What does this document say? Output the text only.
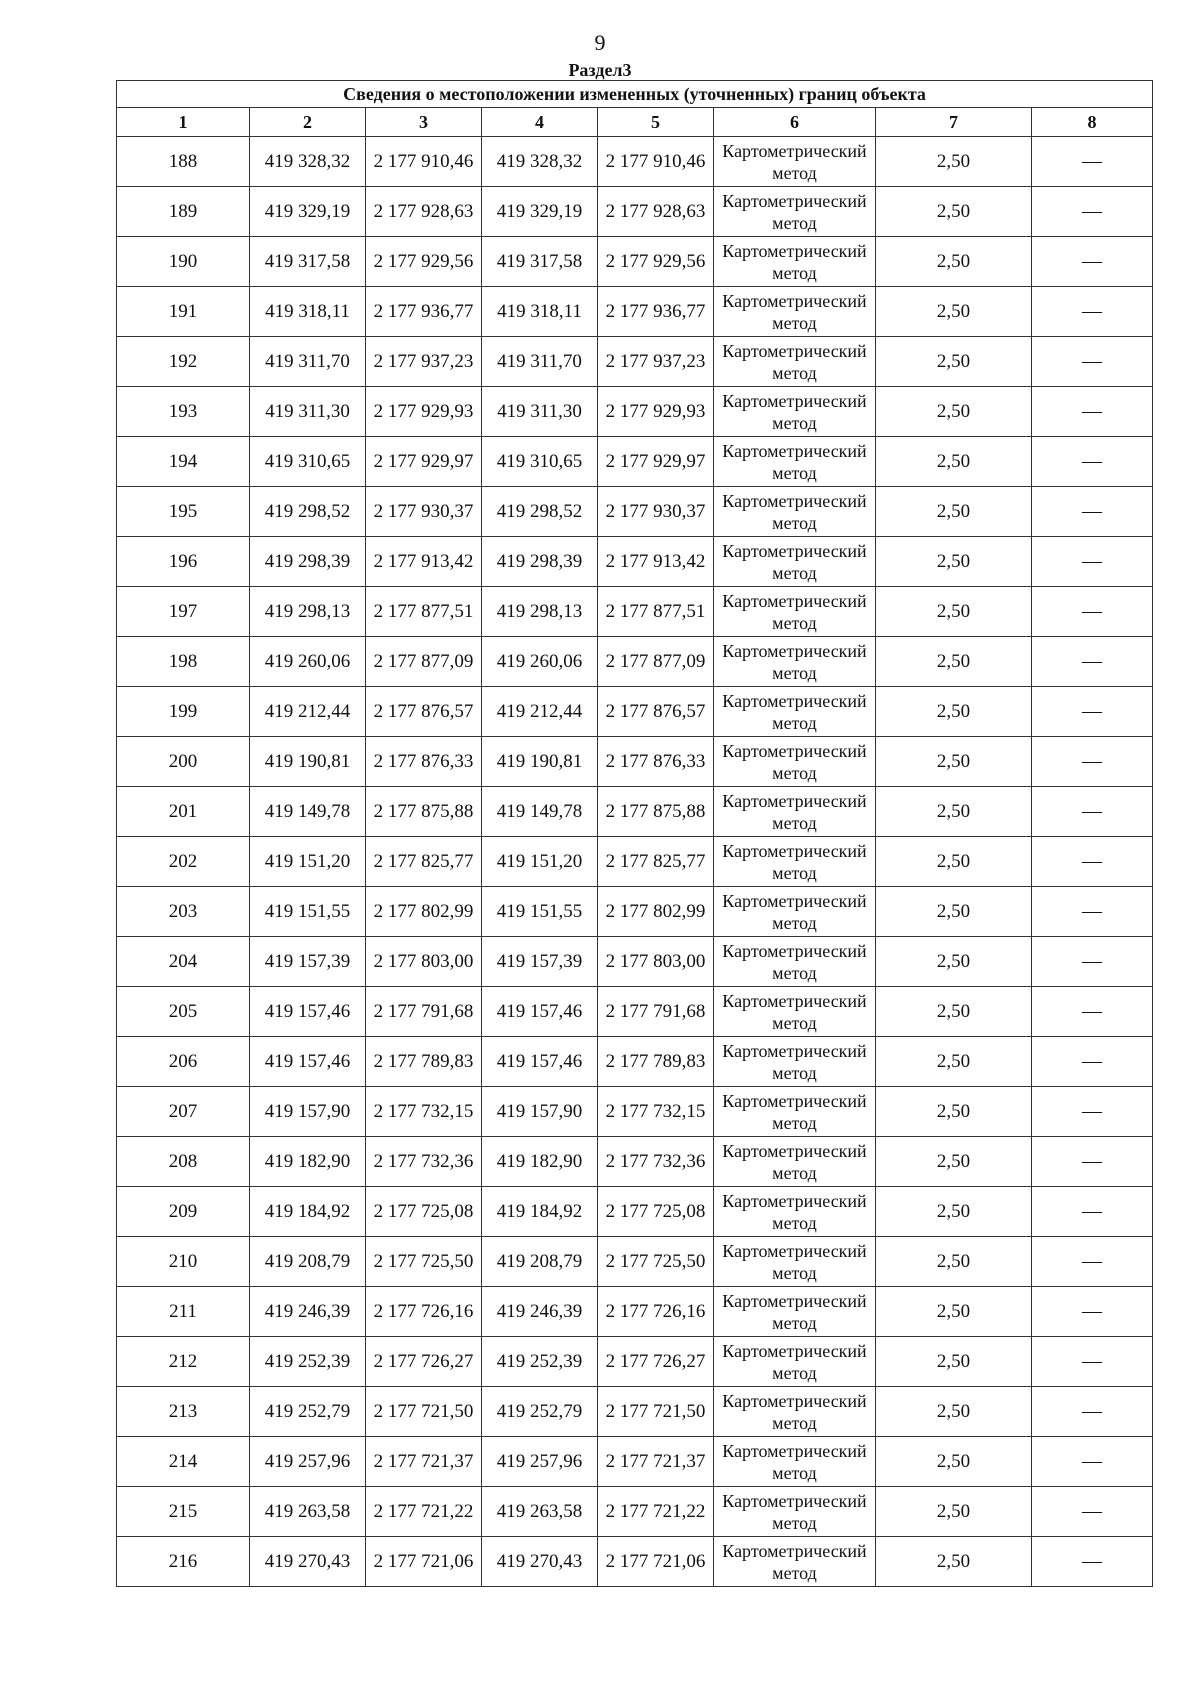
9
Раздел3
Сведения о местоположении измененных (уточненных) границ объекта							
1	2	3	4	5	6	7	8
188	419 328,32	2 177 910,46	419 328,32	2 177 910,46	Картометрический метод	2,50	—
189	419 329,19	2 177 928,63	419 329,19	2 177 928,63	Картометрический метод	2,50	—
190	419 317,58	2 177 929,56	419 317,58	2 177 929,56	Картометрический метод	2,50	—
191	419 318,11	2 177 936,77	419 318,11	2 177 936,77	Картометрический метод	2,50	—
192	419 311,70	2 177 937,23	419 311,70	2 177 937,23	Картометрический метод	2,50	—
193	419 311,30	2 177 929,93	419 311,30	2 177 929,93	Картометрический метод	2,50	—
194	419 310,65	2 177 929,97	419 310,65	2 177 929,97	Картометрический метод	2,50	—
195	419 298,52	2 177 930,37	419 298,52	2 177 930,37	Картометрический метод	2,50	—
196	419 298,39	2 177 913,42	419 298,39	2 177 913,42	Картометрический метод	2,50	—
197	419 298,13	2 177 877,51	419 298,13	2 177 877,51	Картометрический метод	2,50	—
198	419 260,06	2 177 877,09	419 260,06	2 177 877,09	Картометрический метод	2,50	—
199	419 212,44	2 177 876,57	419 212,44	2 177 876,57	Картометрический метод	2,50	—
200	419 190,81	2 177 876,33	419 190,81	2 177 876,33	Картометрический метод	2,50	—
201	419 149,78	2 177 875,88	419 149,78	2 177 875,88	Картометрический метод	2,50	—
202	419 151,20	2 177 825,77	419 151,20	2 177 825,77	Картометрический метод	2,50	—
203	419 151,55	2 177 802,99	419 151,55	2 177 802,99	Картометрический метод	2,50	—
204	419 157,39	2 177 803,00	419 157,39	2 177 803,00	Картометрический метод	2,50	—
205	419 157,46	2 177 791,68	419 157,46	2 177 791,68	Картометрический метод	2,50	—
206	419 157,46	2 177 789,83	419 157,46	2 177 789,83	Картометрический метод	2,50	—
207	419 157,90	2 177 732,15	419 157,90	2 177 732,15	Картометрический метод	2,50	—
208	419 182,90	2 177 732,36	419 182,90	2 177 732,36	Картометрический метод	2,50	—
209	419 184,92	2 177 725,08	419 184,92	2 177 725,08	Картометрический метод	2,50	—
210	419 208,79	2 177 725,50	419 208,79	2 177 725,50	Картометрический метод	2,50	—
211	419 246,39	2 177 726,16	419 246,39	2 177 726,16	Картометрический метод	2,50	—
212	419 252,39	2 177 726,27	419 252,39	2 177 726,27	Картометрический метод	2,50	—
213	419 252,79	2 177 721,50	419 252,79	2 177 721,50	Картометрический метод	2,50	—
214	419 257,96	2 177 721,37	419 257,96	2 177 721,37	Картометрический метод	2,50	—
215	419 263,58	2 177 721,22	419 263,58	2 177 721,22	Картометрический метод	2,50	—
216	419 270,43	2 177 721,06	419 270,43	2 177 721,06	Картометрический метод	2,50	—
